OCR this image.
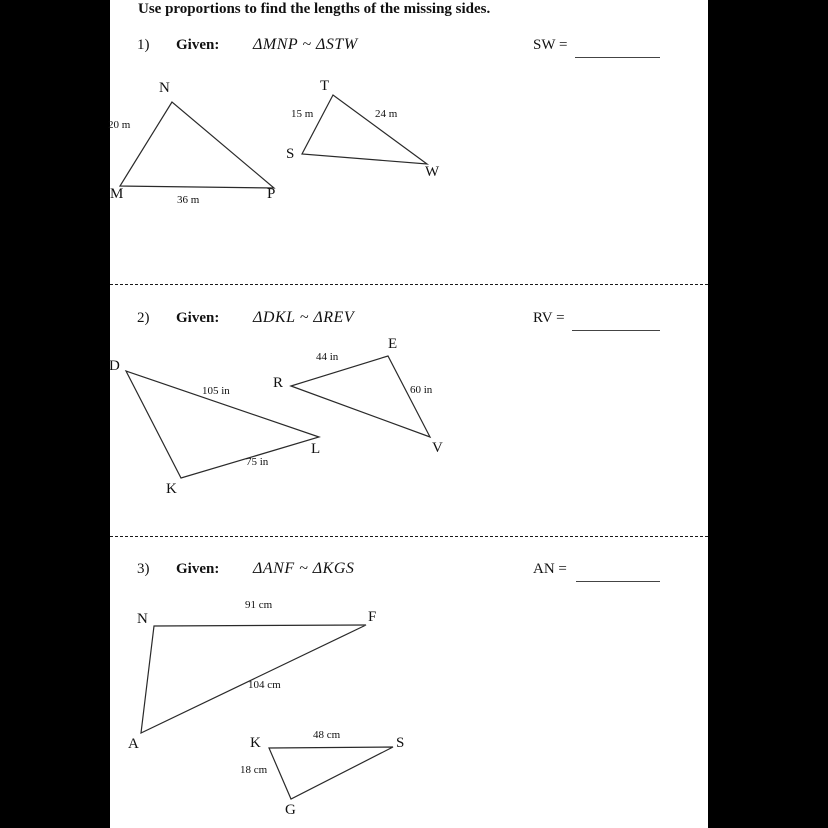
Use proportions to find the lengths of the missing sides.
1) Given: ΔMNP ~ ΔSTW	SW =
N
20 m
M	36 m	P
T
15 m	24 m
S
W
2) Given: ΔDKL ~ ΔREV	RV =
D
105 in
K
75 in
L
R
E
44 in
60 in
V
3) Given: ΔANF ~ ΔKGS	AN =
N
91 cm
F
104 cm
A	K	48 cm	S
18 cm
G
